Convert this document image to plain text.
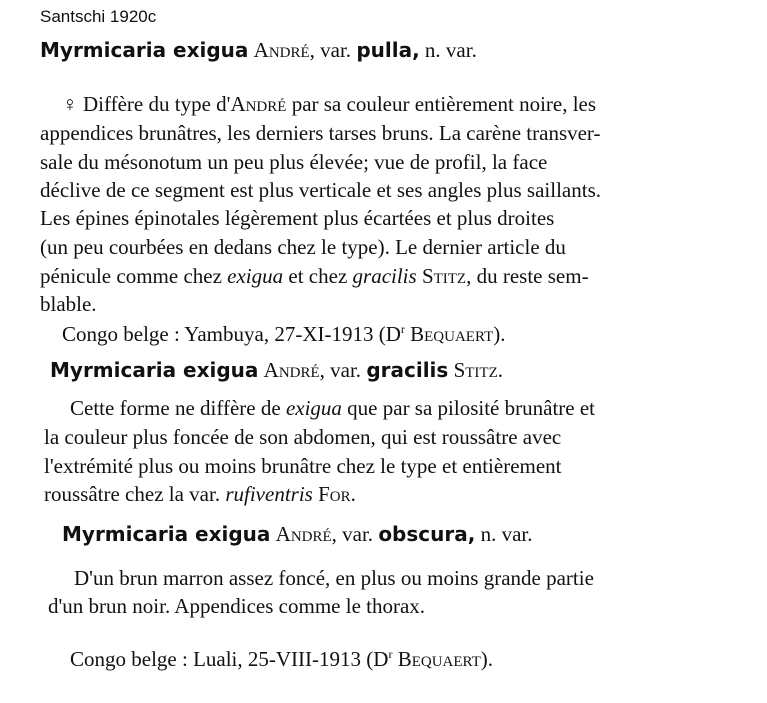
Santschi 1920c
Myrmicaria exigua André, var. pulla, n. var.
♀ Diffère du type d'André par sa couleur entièrement noire, les
appendices brunâtres, les derniers tarses bruns. La carène transver-
sale du mésonotum un peu plus élevée; vue de profil, la face
déclive de ce segment est plus verticale et ses angles plus saillants.
Les épines épinotales légèrement plus écartées et plus droites
(un peu courbées en dedans chez le type). Le dernier article du
pénicule comme chez exigua et chez gracilis Stitz, du reste sem-
blable.
Congo belge : Yambuya, 27-XI-1913 ($D^r$ Bequaert).
Myrmicaria exigua André, var. gracilis Stitz.
Cette forme ne diffère de exigua que par sa pilosité brunâtre et
la couleur plus foncée de son abdomen, qui est roussâtre avec
l'extrémité plus ou moins brunâtre chez le type et entièrement
roussâtre chez la var. rufiventris For.
Myrmicaria exigua André, var. obscura, n. var.
D'un brun marron assez foncé, en plus ou moins grande partie
d'un brun noir. Appendices comme le thorax.
Congo belge : Luali, 25-VIII-1913 ($D^r$ Bequaert).
